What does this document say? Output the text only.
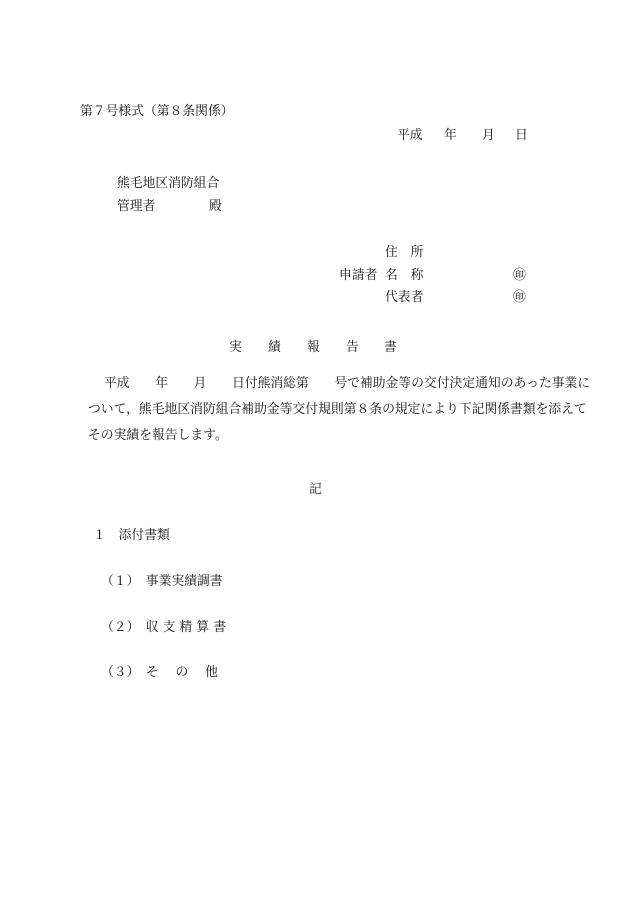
第７号様式（第８条関係）
平成 年 月 日
熊毛地区消防組合
管理者	殿
住　所
申請者 名　称	㊞
代表者	㊞
実 績 報 告 書
平成　　年　　月　　日付熊消総第　　号で補助金等の交付決定通知のあった事業に
ついて，熊毛地区消防組合補助金等交付規則第８条の規定により下記関係書類を添えて
その実績を報告します。
記
１　添付書類
（１）　事業実績調書
（２）　収 支 精 算 書
（３）　そ　 の　 他
